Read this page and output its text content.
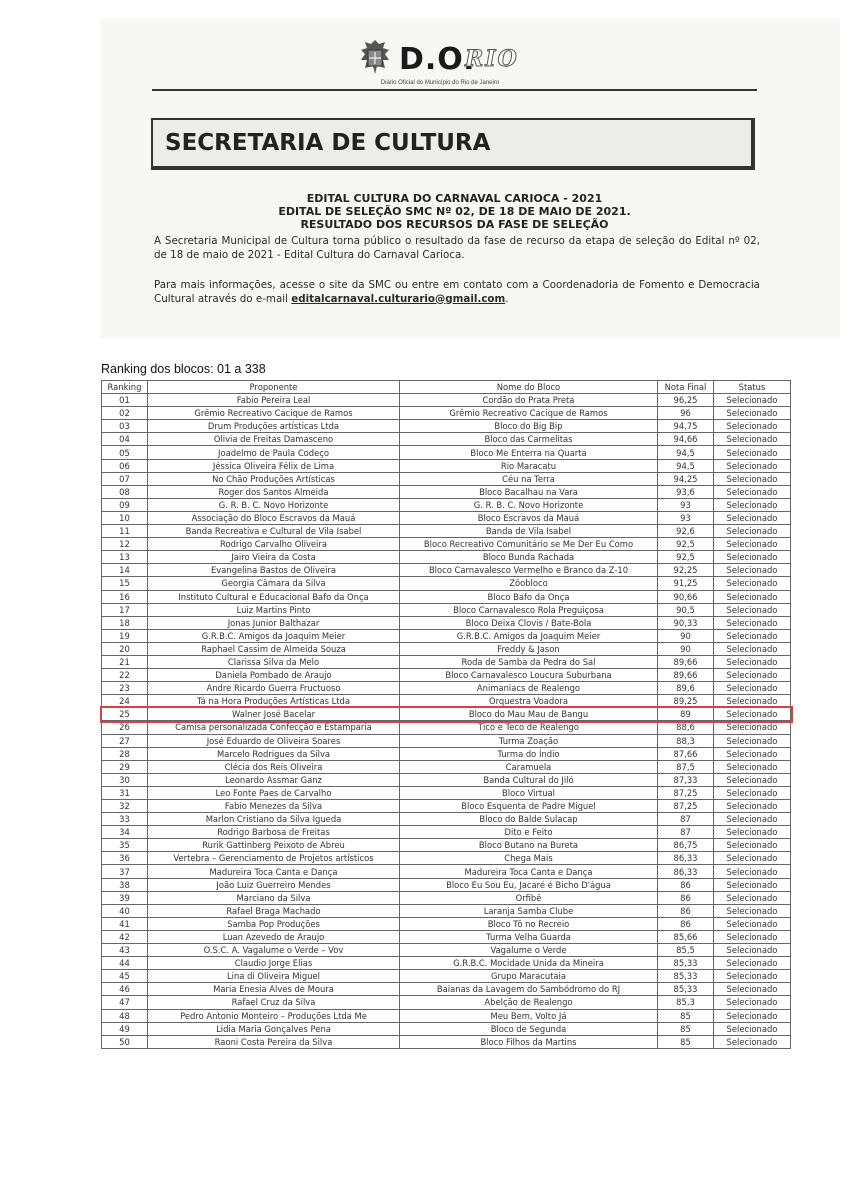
D.O.
RIO
Diário Oficial do Município do Rio de Janeiro
SECRETARIA DE CULTURA
EDITAL CULTURA DO CARNAVAL CARIOCA - 2021
EDITAL DE SELEÇÃO SMC Nº 02, DE 18 DE MAIO DE 2021.
RESULTADO DOS RECURSOS DA FASE DE SELEÇÃO
A Secretaria Municipal de Cultura torna público o resultado da fase de recurso da etapa de seleção do Edital nº 02, de 18 de maio de 2021 - Edital Cultura do Carnaval Carioca.
Para mais informações, acesse o site da SMC ou entre em contato com a Coordenadoria de Fomento e Democracia Cultural através do e-mail editalcarnaval.culturario@gmail.com.
Ranking dos blocos: 01 a 338
Ranking	Proponente	Nome do Bloco	Nota Final	Status
01	Fabio Pereira Leal	Cordão do Prata Preta	96,25	Selecionado
02	Grêmio Recreativo Cacique de Ramos	Grêmio Recreativo Cacique de Ramos	96	Selecionado
03	Drum Produções artísticas Ltda	Bloco do Big Bip	94,75	Selecionado
04	Olivia de Freitas Damasceno	Bloco das Carmelitas	94,66	Selecionado
05	Joadelmo de Paula Codeço	Bloco Me Enterra na Quarta	94,5	Selecionado
06	Jéssica Oliveira Félix de Lima	Rio Maracatu	94,5	Selecionado
07	No Chão Produções Artísticas	Céu na Terra	94,25	Selecionado
08	Roger dos Santos Almeida	Bloco Bacalhau na Vara	93,6	Selecionado
09	G. R. B. C. Novo Horizonte	G. R. B. C. Novo Horizonte	93	Selecionado
10	Associação do Bloco Escravos da Mauá	Bloco Escravos da Mauá	93	Selecionado
11	Banda Recreativa e Cultural de Vila Isabel	Banda de Vila Isabel	92,6	Selecionado
12	Rodrigo Carvalho Oliveira	Bloco Recreativo Comunitário se Me Der Eu Como	92,5	Selecionado
13	Jairo Vieira da Costa	Bloco Bunda Rachada	92,5	Selecionado
14	Evangelina Bastos de Oliveira	Bloco Carnavalesco Vermelho e Branco da Z-10	92,25	Selecionado
15	Georgia Câmara da Silva	Zôobloco	91,25	Selecionado
16	Instituto Cultural e Educacional Bafo da Onça	Bloco Bafo da Onça	90,66	Selecionado
17	Luiz Martins Pinto	Bloco Carnavalesco Rola Preguiçosa	90,5	Selecionado
18	Jonas Junior Balthazar	Bloco Deixa Clovis / Bate-Bola	90,33	Selecionado
19	G.R.B.C. Amigos da Joaquim Meier	G.R.B.C. Amigos da Joaquim Meier	90	Selecionado
20	Raphael Cassim de Almeida Souza	Freddy & Jason	90	Selecionado
21	Clarissa Silva da Melo	Roda de Samba da Pedra do Sal	89,66	Selecionado
22	Daniela Pombado de Araujo	Bloco Carnavalesco Loucura Suburbana	89,66	Selecionado
23	Andre Ricardo Guerra Fructuoso	Animaniacs de Realengo	89,6	Selecionado
24	Tá na Hora Produções Artísticas Ltda	Orquestra Voadora	89,25	Selecionado
25	Walner José Bacelar	Bloco do Mau Mau de Bangu	89	Selecionado
26	Camisa personalizada Confecção e Estamparia	Tico e Teco de Realengo	88,6	Selecionado
27	José Eduardo de Oliveira Soares	Turma Zoação	88,3	Selecionado
28	Marcelo Rodrigues da Silva	Turma do Índio	87,66	Selecionado
29	Clécia dos Reis Oliveira	Caramuela	87,5	Selecionado
30	Leonardo Assmar Ganz	Banda Cultural do Jiló	87,33	Selecionado
31	Leo Fonte Paes de Carvalho	Bloco Virtual	87,25	Selecionado
32	Fabio Menezes da Silva	Bloco Esquenta de Padre Miguel	87,25	Selecionado
33	Marlon Cristiano da Silva Igueda	Bloco do Balde Sulacap	87	Selecionado
34	Rodrigo Barbosa de Freitas	Dito e Feito	87	Selecionado
35	Rurik Gattinberg Peixoto de Abreu	Bloco Butano na Bureta	86,75	Selecionado
36	Vertebra – Gerenciamento de Projetos artísticos	Chega Mais	86,33	Selecionado
37	Madureira Toca Canta e Dança	Madureira Toca Canta e Dança	86,33	Selecionado
38	João Luiz Guerreiro Mendes	Bloco Eu Sou Eu, Jacaré é Bicho D'água	86	Selecionado
39	Marciano da Silva	Orfibê	86	Selecionado
40	Rafael Braga Machado	Laranja Samba Clube	86	Selecionado
41	Samba Pop Produções	Bloco Tô no Recreio	86	Selecionado
42	Luan Azevedo de Araujo	Turma Velha Guarda	85,66	Selecionado
43	O.S.C. A. Vagalume o Verde – Vov	Vagalume o Verde	85,5	Selecionado
44	Claudio Jorge Elias	G.R.B.C. Mocidade Unida da Mineira	85,33	Selecionado
45	Lina di Oliveira Miguel	Grupo Maracutaia	85,33	Selecionado
46	Maria Enesia Alves de Moura	Baianas da Lavagem do Sambódromo do RJ	85,33	Selecionado
47	Rafael Cruz da Silva	Abelção de Realengo	85,3	Selecionado
48	Pedro Antonio Monteiro – Produções Ltda Me	Meu Bem, Volto Já	85	Selecionado
49	Lidia Maria Gonçalves Pena	Bloco de Segunda	85	Selecionado
50	Raoni Costa Pereira da Silva	Bloco Filhos da Martins	85	Selecionado
